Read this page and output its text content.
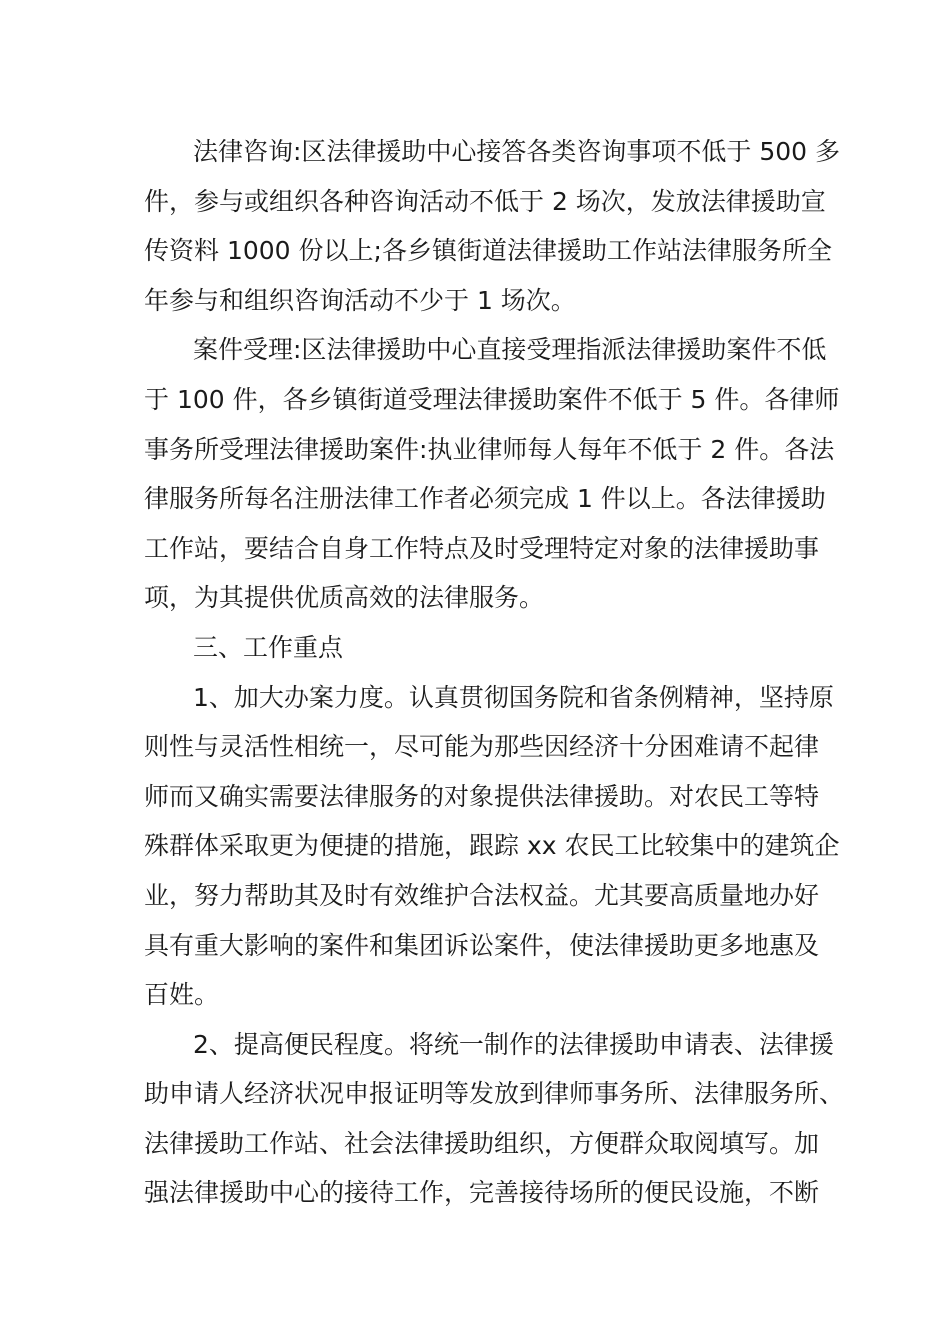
法律咨询:区法律援助中心接答各类咨询事项不低于 500 多
件，参与或组织各种咨询活动不低于 2 场次，发放法律援助宣
传资料 1000 份以上;各乡镇街道法律援助工作站法律服务所全
年参与和组织咨询活动不少于 1 场次。
案件受理:区法律援助中心直接受理指派法律援助案件不低
于 100 件，各乡镇街道受理法律援助案件不低于 5 件。各律师
事务所受理法律援助案件:执业律师每人每年不低于 2 件。各法
律服务所每名注册法律工作者必须完成 1 件以上。各法律援助
工作站，要结合自身工作特点及时受理特定对象的法律援助事
项，为其提供优质高效的法律服务。
三、工作重点
1、加大办案力度。认真贯彻国务院和省条例精神，坚持原
则性与灵活性相统一，尽可能为那些因经济十分困难请不起律
师而又确实需要法律服务的对象提供法律援助。对农民工等特
殊群体采取更为便捷的措施，跟踪 xx 农民工比较集中的建筑企
业，努力帮助其及时有效维护合法权益。尤其要高质量地办好
具有重大影响的案件和集团诉讼案件，使法律援助更多地惠及
百姓。
2、提高便民程度。将统一制作的法律援助申请表、法律援
助申请人经济状况申报证明等发放到律师事务所、法律服务所、
法律援助工作站、社会法律援助组织，方便群众取阅填写。加
强法律援助中心的接待工作，完善接待场所的便民设施，不断
